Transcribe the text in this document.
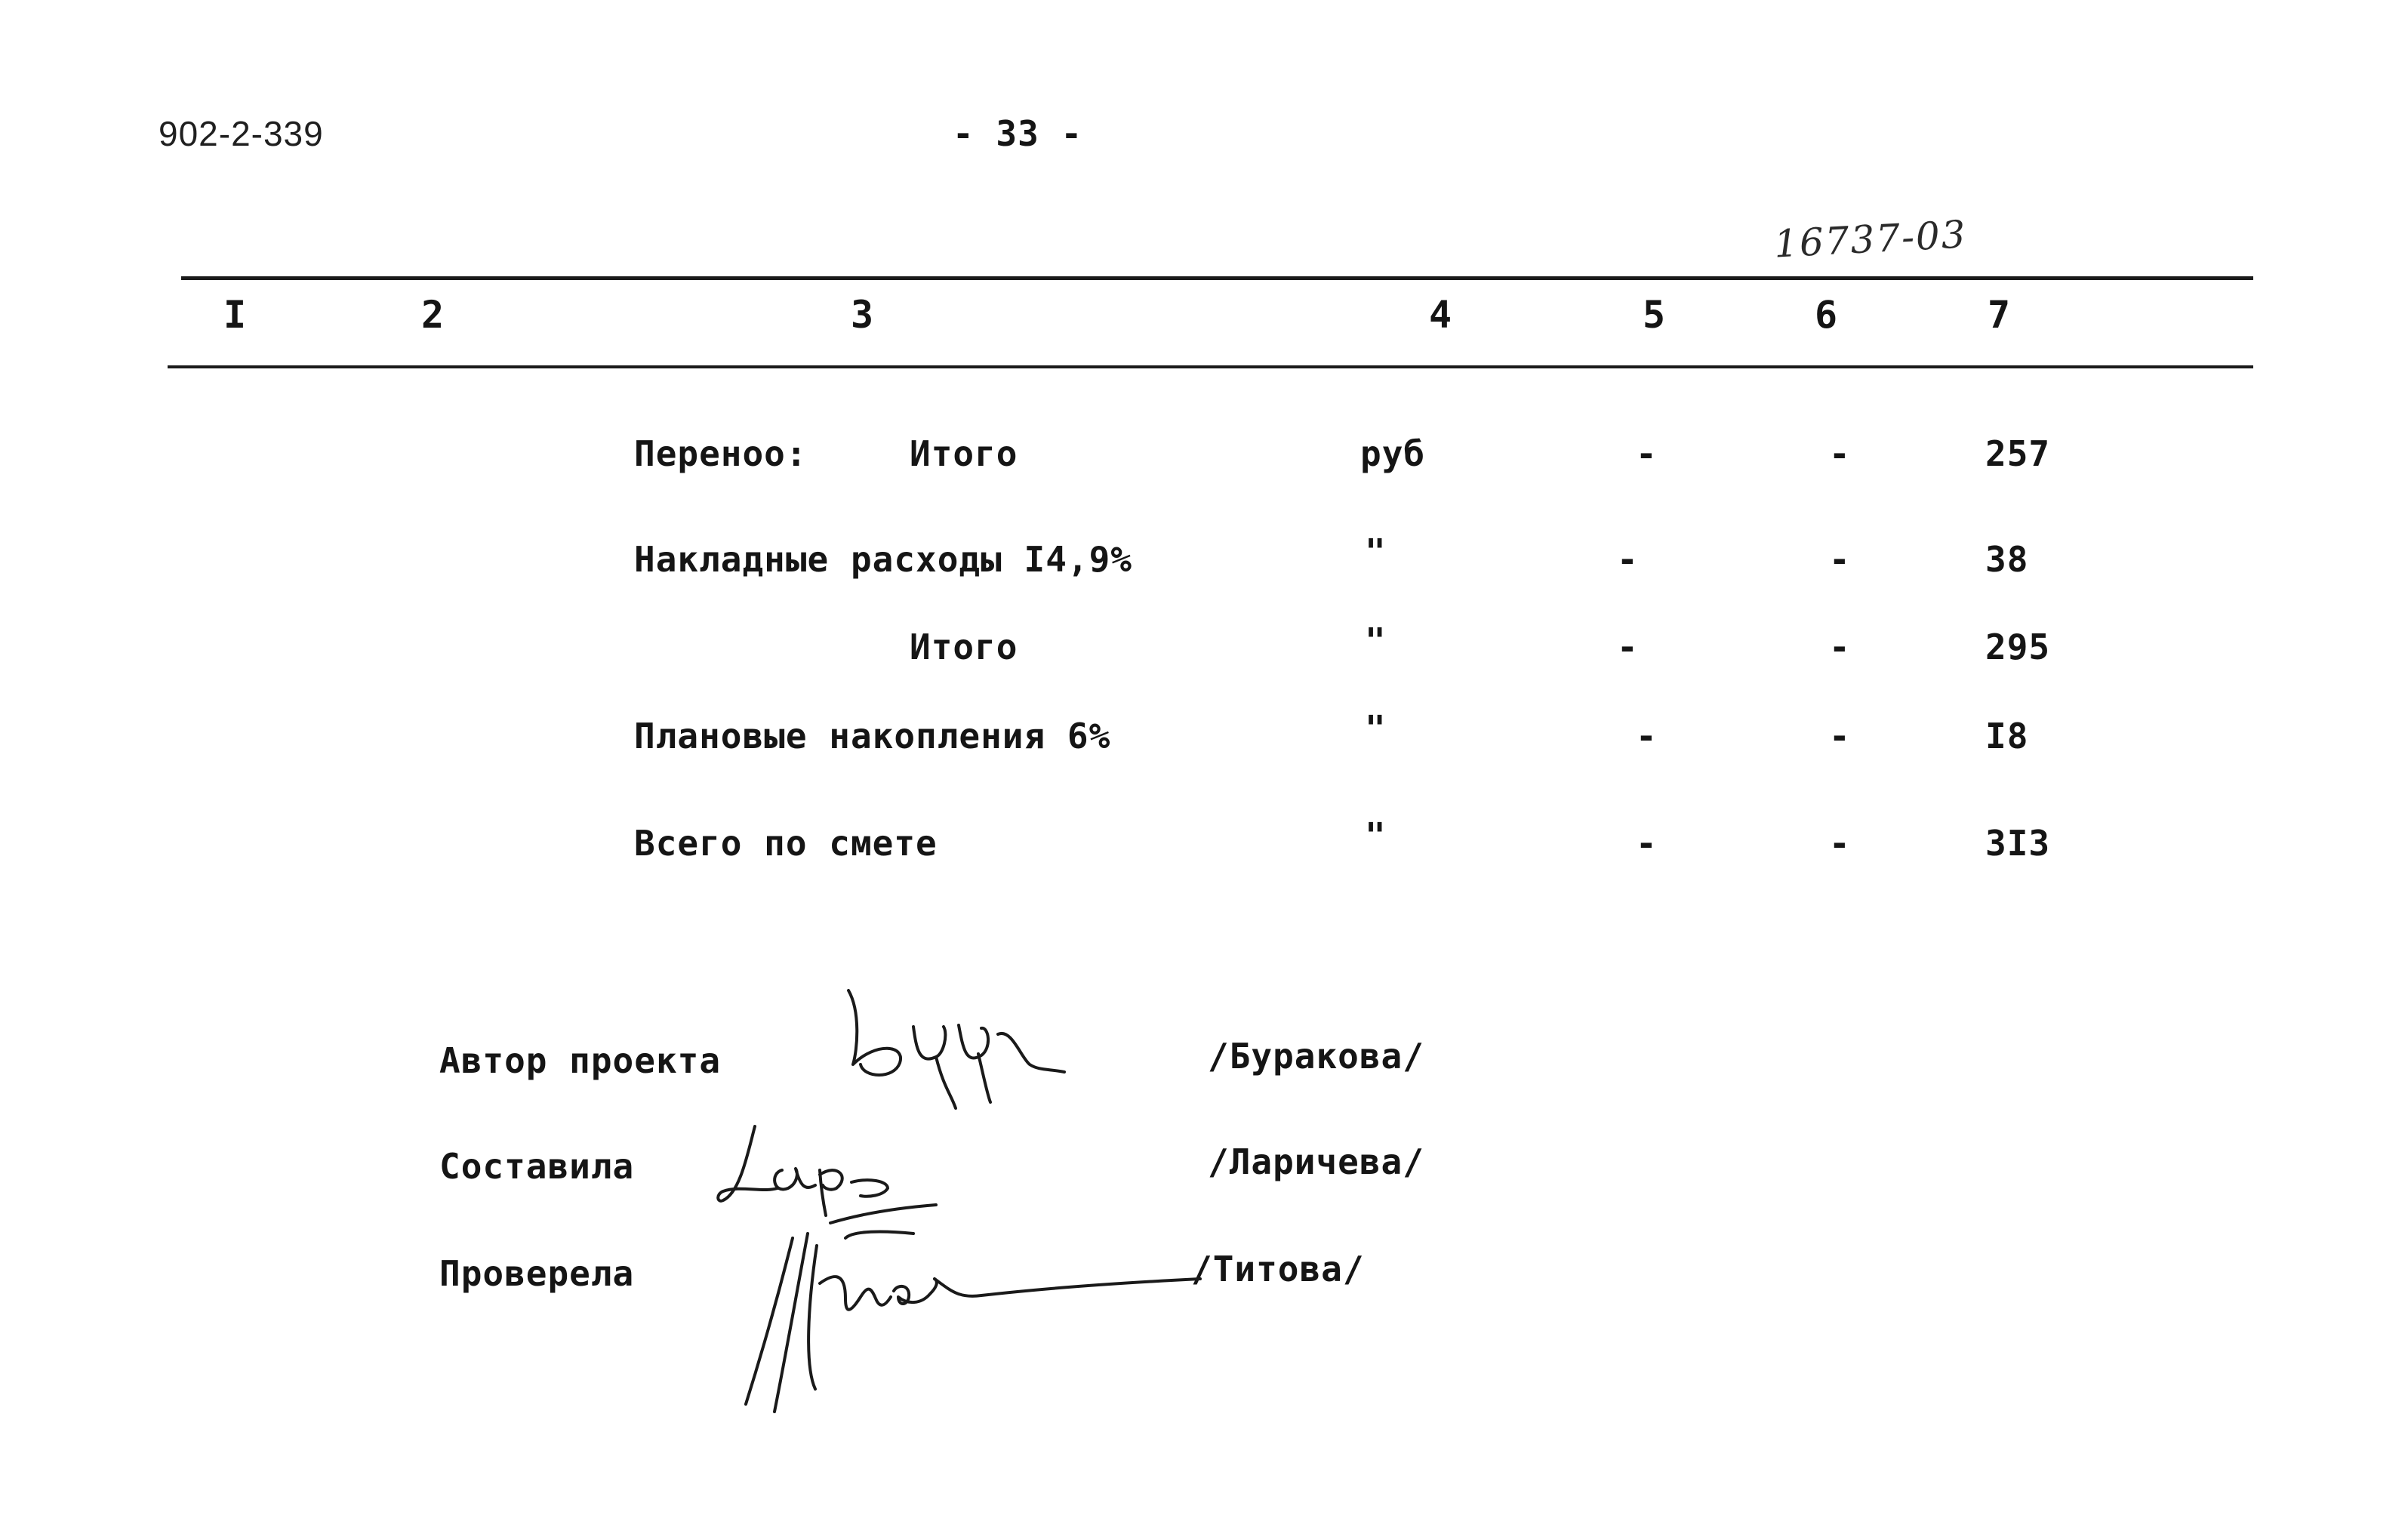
902-2-339	- 33 -
16737-03
I	2	3	4	5	6	7
Переноо:	Итого	руб	-	-	257
Накладные расходы I4,9%	"	-	-	38
Итого	"	-	-	295
Плановые накопления 6%	"	-	-	I8
Всего по смете	"	-	-	3I3
Автор проекта	/Буракова/
Составила	/Ларичева/
Проверела	/Титова/
